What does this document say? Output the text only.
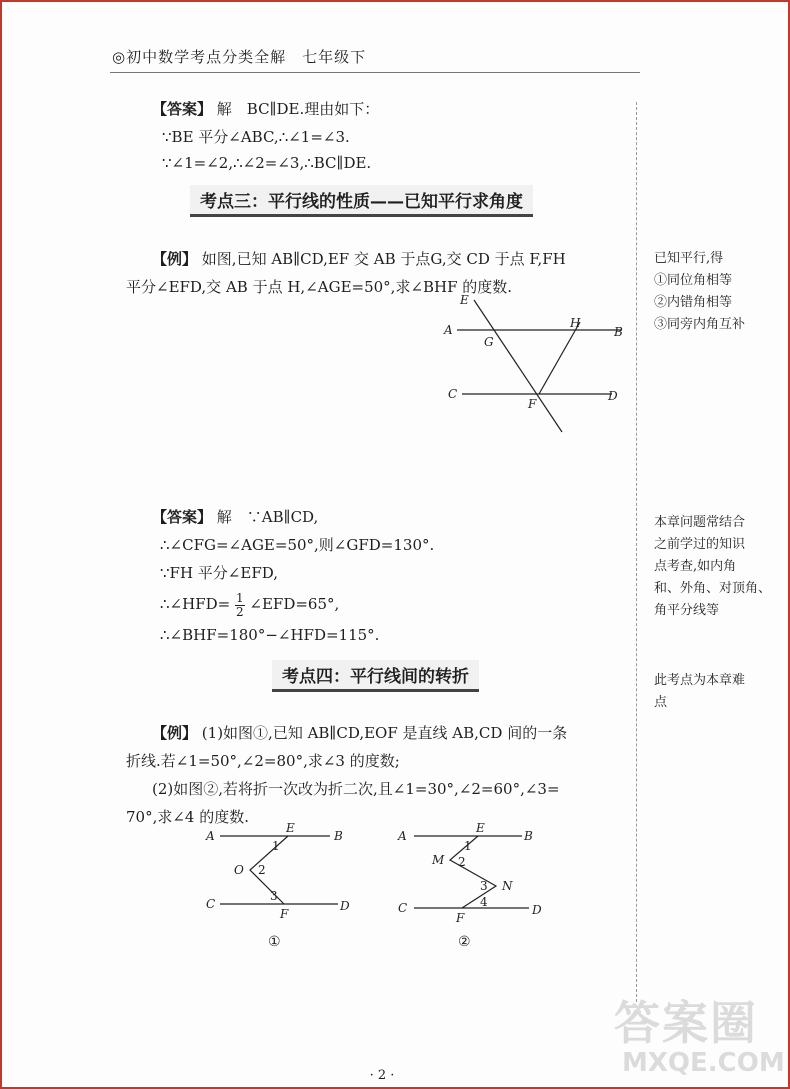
◎初中数学考点分类全解　七年级下
【答案】 解　BC∥DE.理由如下：
∵BE 平分∠ABC,∴∠1=∠3.
∵∠1=∠2,∴∠2=∠3,∴BC∥DE.
考点三：平行线的性质——已知平行求角度
【例】 如图,已知 AB∥CD,EF 交 AB 于点G,交 CD 于点 F,FH
平分∠EFD,交 AB 于点 H,∠AGE=50°,求∠BHF 的度数.
已知平行,得
①同位角相等
②内错角相等
③同旁内角互补
E
A
G
H
B
C
F
D
【答案】 解　∵AB∥CD,
∴∠CFG=∠AGE=50°,则∠GFD=130°.
∵FH 平分∠EFD,
∴∠HFD= $\frac{1}{2}$ ∠EFD=65°,
∴∠BHF=180°−∠HFD=115°.
本章问题常结合
之前学过的知识
点考查,如内角
和、外角、对顶角、
角平分线等
考点四：平行线间的转折	此考点为本章难
点
【例】 (1)如图①,已知 AB∥CD,EOF 是直线 AB,CD 间的一条
折线.若∠1=50°,∠2=80°,求∠3 的度数;
(2)如图②,若将折一次改为折二次,且∠1=30°,∠2=60°,∠3=
70°,求∠4 的度数.
A
E
B
O
C
F
D
1
2
3
①
A
E
B
M
N
C
F
D
1
2
3
4
②
· 2 ·
答案圈
MXQE.COM
